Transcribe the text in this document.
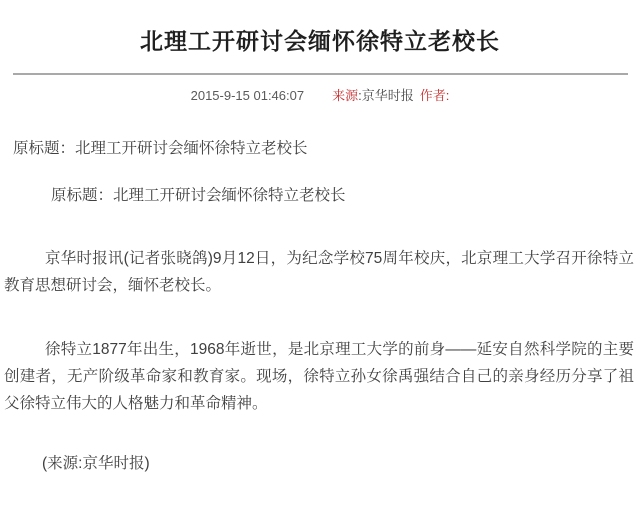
北理工开研讨会缅怀徐特立老校长
2015-9-15 01:46:07 来源:京华时报 作者:

原标题：北理工开研讨会缅怀徐特立老校长

原标题：北理工开研讨会缅怀徐特立老校长

京华时报讯(记者张晓鸽)9月12日，为纪念学校75周年校庆，北京理工大学召开徐特立教育思想研讨会，缅怀老校长。

徐特立1877年出生，1968年逝世，是北京理工大学的前身——延安自然科学院的主要创建者，无产阶级革命家和教育家。现场，徐特立孙女徐禹强结合自己的亲身经历分享了祖父徐特立伟大的人格魅力和革命精神。

(来源:京华时报)
